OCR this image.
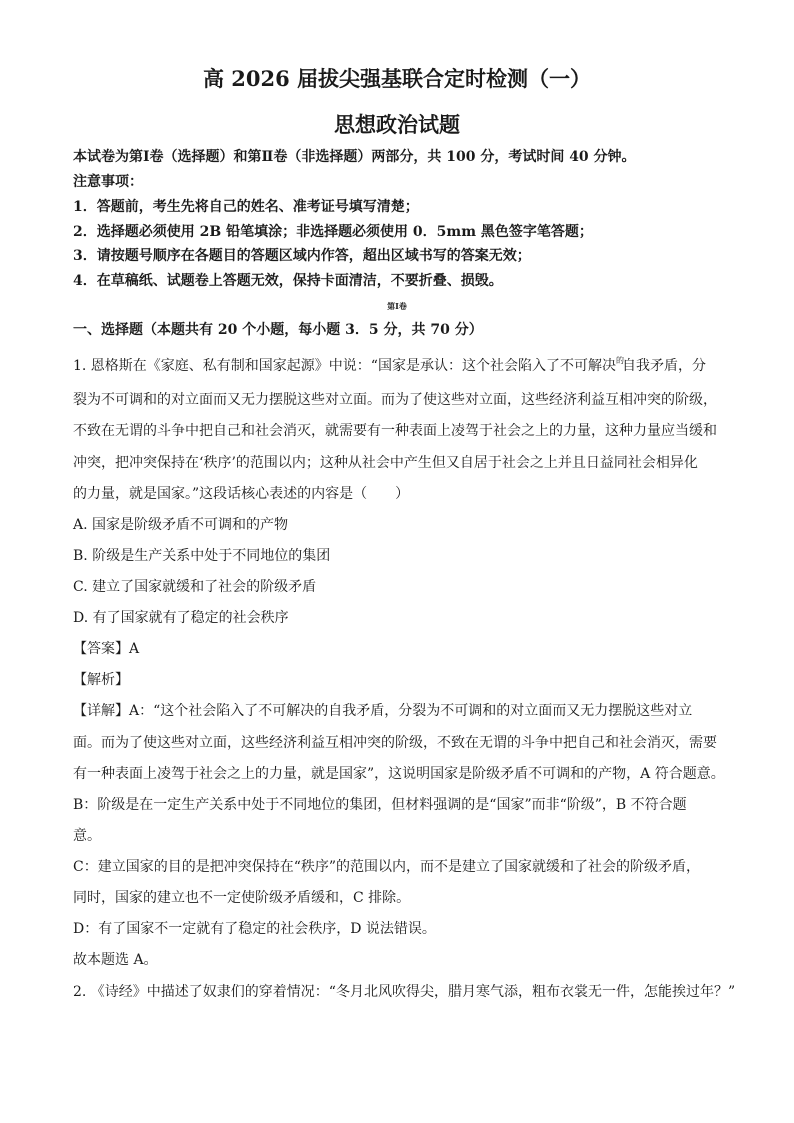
高 2026 届拔尖强基联合定时检测（一）
思想政治试题
本试卷为第Ⅰ卷（选择题）和第Ⅱ卷（非选择题）两部分，共 100 分，考试时间 40 分钟。
注意事项：
1．答题前，考生先将自己的姓名、准考证号填写清楚；
2．选择题必须使用 2B 铅笔填涂；非选择题必须使用 0．5mm 黑色签字笔答题；
3．请按题号顺序在各题目的答题区域内作答，超出区域书写的答案无效；
4．在草稿纸、试题卷上答题无效，保持卡面清洁，不要折叠、损毁。
第Ⅰ卷
一、选择题（本题共有 20 个小题，每小题 3．5 分，共 70 分）
1. 恩格斯在《家庭、私有制和国家起源》中说：“国家是承认：这个社会陷入了不可解决$^的$自我矛盾，分
裂为不可调和的对立面而又无力摆脱这些对立面。而为了使这些对立面，这些经济利益互相冲突的阶级，
不致在无谓的斗争中把自己和社会消灭，就需要有一种表面上凌驾于社会之上的力量，这种力量应当缓和
冲突，把冲突保持在‘秩序’的范围以内；这种从社会中产生但又自居于社会之上并且日益同社会相异化
的力量，就是国家。”这段话核心表述的内容是（　　）
A. 国家是阶级矛盾不可调和的产物
B. 阶级是生产关系中处于不同地位的集团
C. 建立了国家就缓和了社会的阶级矛盾
D. 有了国家就有了稳定的社会秩序
【答案】A
【解析】
【详解】A：“这个社会陷入了不可解决的自我矛盾，分裂为不可调和的对立面而又无力摆脱这些对立
面。而为了使这些对立面，这些经济利益互相冲突的阶级，不致在无谓的斗争中把自己和社会消灭，需要
有一种表面上凌驾于社会之上的力量，就是国家”，这说明国家是阶级矛盾不可调和的产物，A 符合题意。
B：阶级是在一定生产关系中处于不同地位的集团，但材料强调的是“国家”而非“阶级”，B 不符合题
意。
C：建立国家的目的是把冲突保持在“秩序”的范围以内，而不是建立了国家就缓和了社会的阶级矛盾，
同时，国家的建立也不一定使阶级矛盾缓和，C 排除。
D：有了国家不一定就有了稳定的社会秩序，D 说法错误。
故本题选 A。
2. 《诗经》中描述了奴隶们的穿着情况：“冬月北风吹得尖，腊月寒气添，粗布衣裳无一件，怎能挨过年？”
